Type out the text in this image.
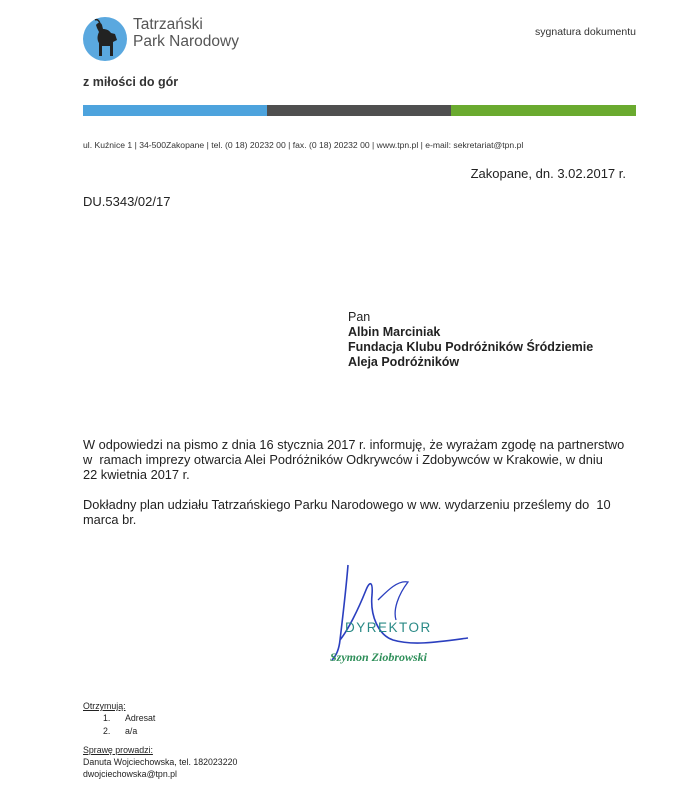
Tatrzański
Park Narodowy
sygnatura dokumentu
z miłości do gór
ul. Kuźnice 1 | 34-500Zakopane | tel. (0 18) 20232 00 | fax. (0 18) 20232 00 | www.tpn.pl | e-mail: sekretariat@tpn.pl
Zakopane, dn. 3.02.2017 r.
DU.5343/02/17
Pan
Albin Marciniak
Fundacja Klubu Podróżników Śródziemie
Aleja Podróżników
W odpowiedzi na pismo z dnia 16 stycznia 2017 r. informuję, że wyrażam zgodę na partnerstwo
w  ramach imprezy otwarcia Alei Podróżników Odkrywców i Zdobywców w Krakowie, w dniu
22 kwietnia 2017 r.
Dokładny plan udziału Tatrzańskiego Parku Narodowego w ww. wydarzeniu prześlemy do  10
marca br.
DYREKTOR
Szymon Ziobrowski
Otrzymują:
1. Adresat
2. a/a
Sprawę prowadzi:
Danuta Wojciechowska, tel. 182023220
dwojciechowska@tpn.pl
